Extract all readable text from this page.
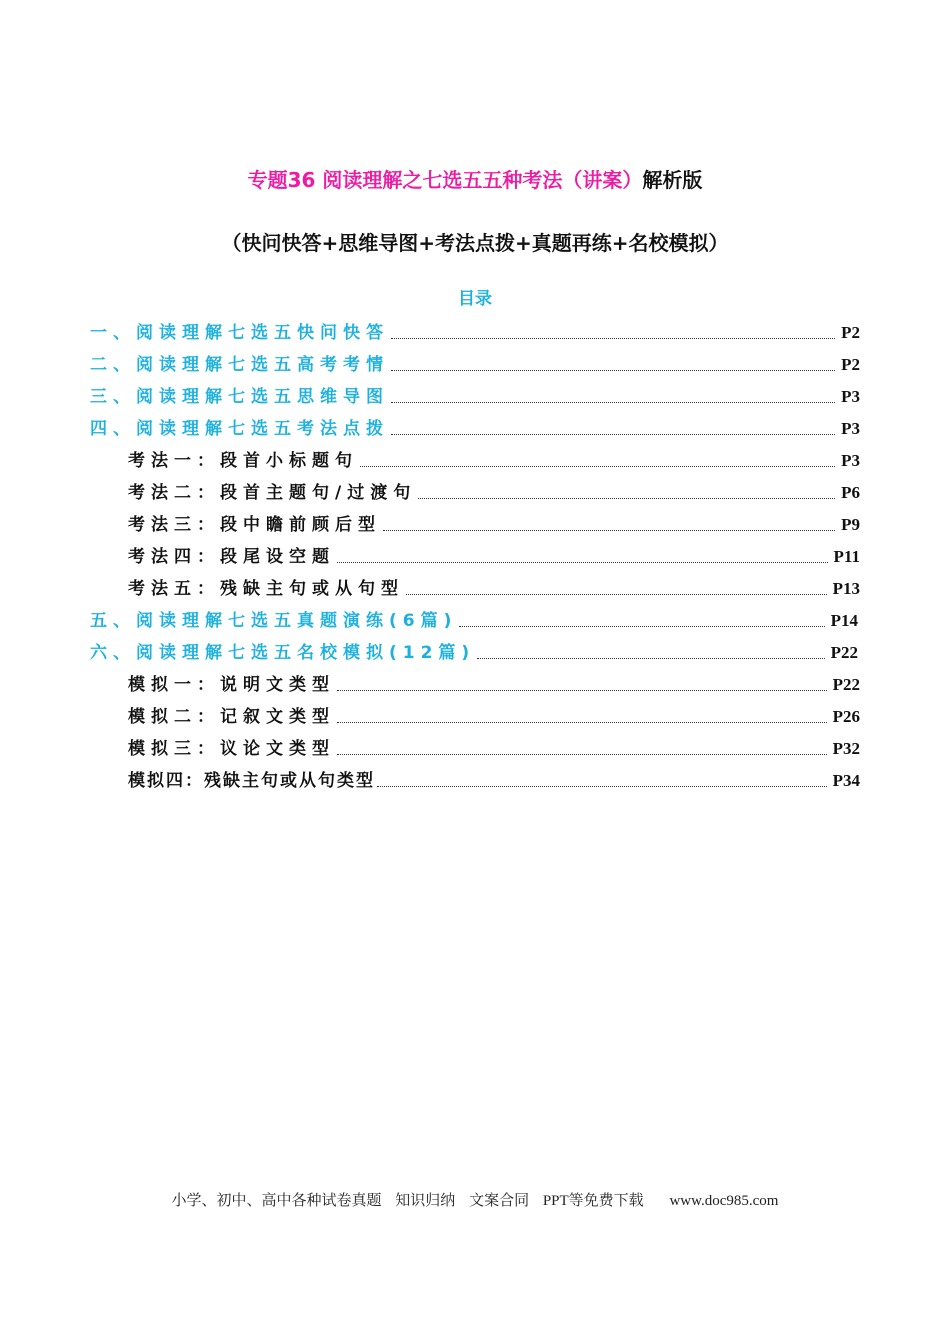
专题36 阅读理解之七选五五种考法（讲案）解析版
（快问快答+思维导图+考法点拨+真题再练+名校模拟）
目录
一、阅读理解七选五快问快答	P2
二、阅读理解七选五高考考情	P2
三、阅读理解七选五思维导图	P3
四、阅读理解七选五考法点拨	P3
考法一：段首小标题句	P3
考法二：段首主题句/过渡句	P6
考法三：段中瞻前顾后型	P9
考法四：段尾设空题	P11
考法五：残缺主句或从句型	P13
五、阅读理解七选五真题演练(6篇)	P14
六、阅读理解七选五名校模拟(12篇)	P22
模拟一：说明文类型	P22
模拟二：记叙文类型	P26
模拟三：议论文类型	P32
模拟四：残缺主句或从句类型	P34
小学、初中、高中各种试卷真题 知识归纳 文案合同 PPT等免费下载 www.doc985.com
